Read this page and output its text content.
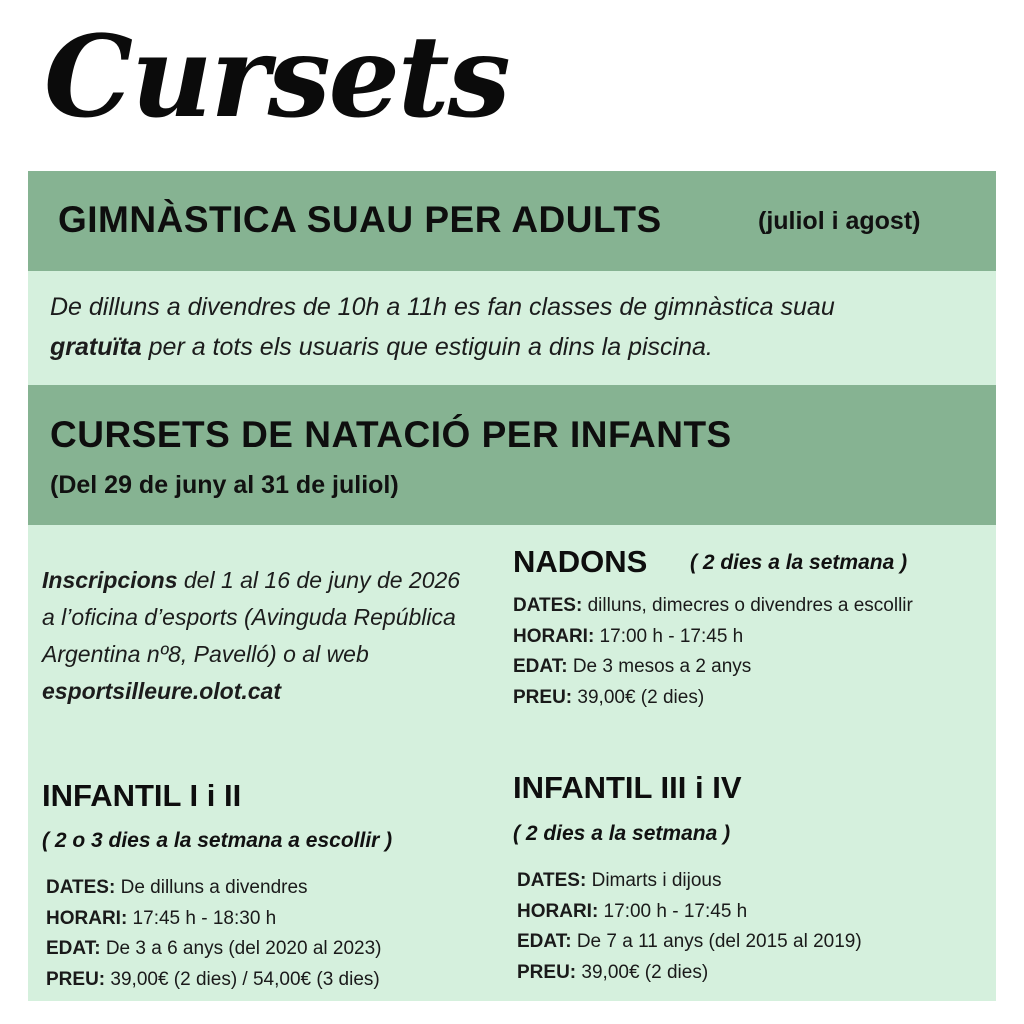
Cursets
GIMNÀSTICA SUAU PER ADULTS	(juliol i agost)
De dilluns a divendres de 10h a 11h es fan classes de gimnàstica suau
gratuïta per a tots els usuaris que estiguin a dins la piscina.
CURSETS DE NATACIÓ PER INFANTS
(Del 29 de juny al 31 de juliol)
Inscripcions del 1 al 16 de juny de 2026 a l’oficina d’esports (Avinguda República Argentina nº8, Pavelló) o al web esportsilleure.olot.cat
NADONS ( 2 dies a la setmana )
DATES: dilluns, dimecres o divendres a escollir
HORARI: 17:00 h - 17:45 h
EDAT: De 3 mesos a 2 anys
PREU: 39,00€ (2 dies)
INFANTIL I i II
( 2 o 3 dies a la setmana a escollir )
DATES: De dilluns a divendres
HORARI: 17:45 h - 18:30 h
EDAT: De 3 a 6 anys (del 2020 al 2023)
PREU: 39,00€ (2 dies) / 54,00€ (3 dies)
INFANTIL III i IV
( 2 dies a la setmana )
DATES: Dimarts i dijous
HORARI: 17:00 h - 17:45 h
EDAT: De 7 a 11 anys (del 2015 al 2019)
PREU: 39,00€ (2 dies)
